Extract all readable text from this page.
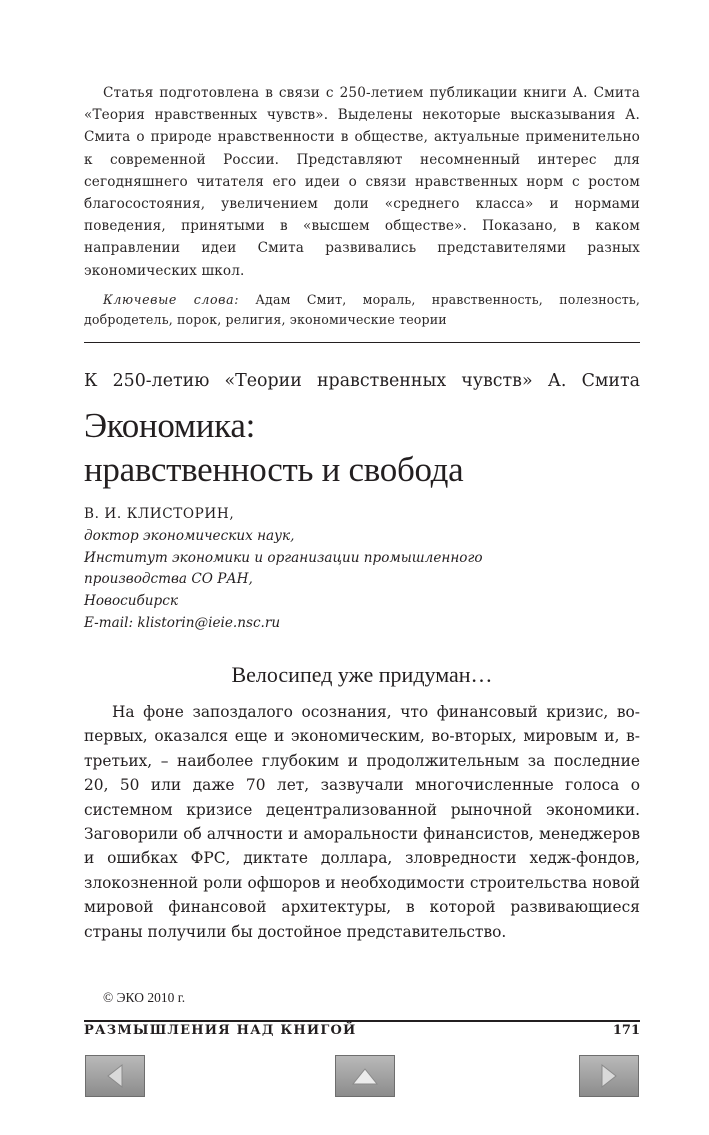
Статья подготовлена в связи с 250-летием публикации книги А. Смита «Теория нравственных чувств». Выделены некоторые высказывания А. Смита о природе нравственности в обществе, актуальные применительно к современной России. Представляют несомненный интерес для сегодняшнего читателя его идеи о связи нравственных норм с ростом благосостояния, увеличением доли «среднего класса» и нормами поведения, принятыми в «высшем обществе». Показано, в каком направлении идеи Смита развивались представителями разных экономических школ.

Ключевые слова: Адам Смит, мораль, нравственность, полезность, добродетель, порок, религия, экономические теории
К 250-летию «Теории нравственных чувств» А. Смита
Экономика:
нравственность и свобода
В. И. КЛИСТОРИН,
доктор экономических наук,
Институт экономики и организации промышленного
производства СО РАН,
Новосибирск
E-mail: klistorin@ieie.nsc.ru
Велосипед уже придуман…

На фоне запоздалого осознания, что финансовый кризис, во-первых, оказался еще и экономическим, во-вторых, мировым и, в-третьих, – наиболее глубоким и продолжительным за последние 20, 50 или даже 70 лет, зазвучали многочисленные голоса о системном кризисе децентрализованной рыночной экономики. Заговорили об алчности и аморальности финансистов, менеджеров и ошибках ФРС, диктате доллара, зловредности хедж-фондов, злокозненной роли офшоров и необходимости строительства новой мировой финансовой архитектуры, в которой развивающиеся страны получили бы достойное представительство.

© ЭКО 2010 г.
РАЗМЫШЛЕНИЯ НАД КНИГОЙ	171
